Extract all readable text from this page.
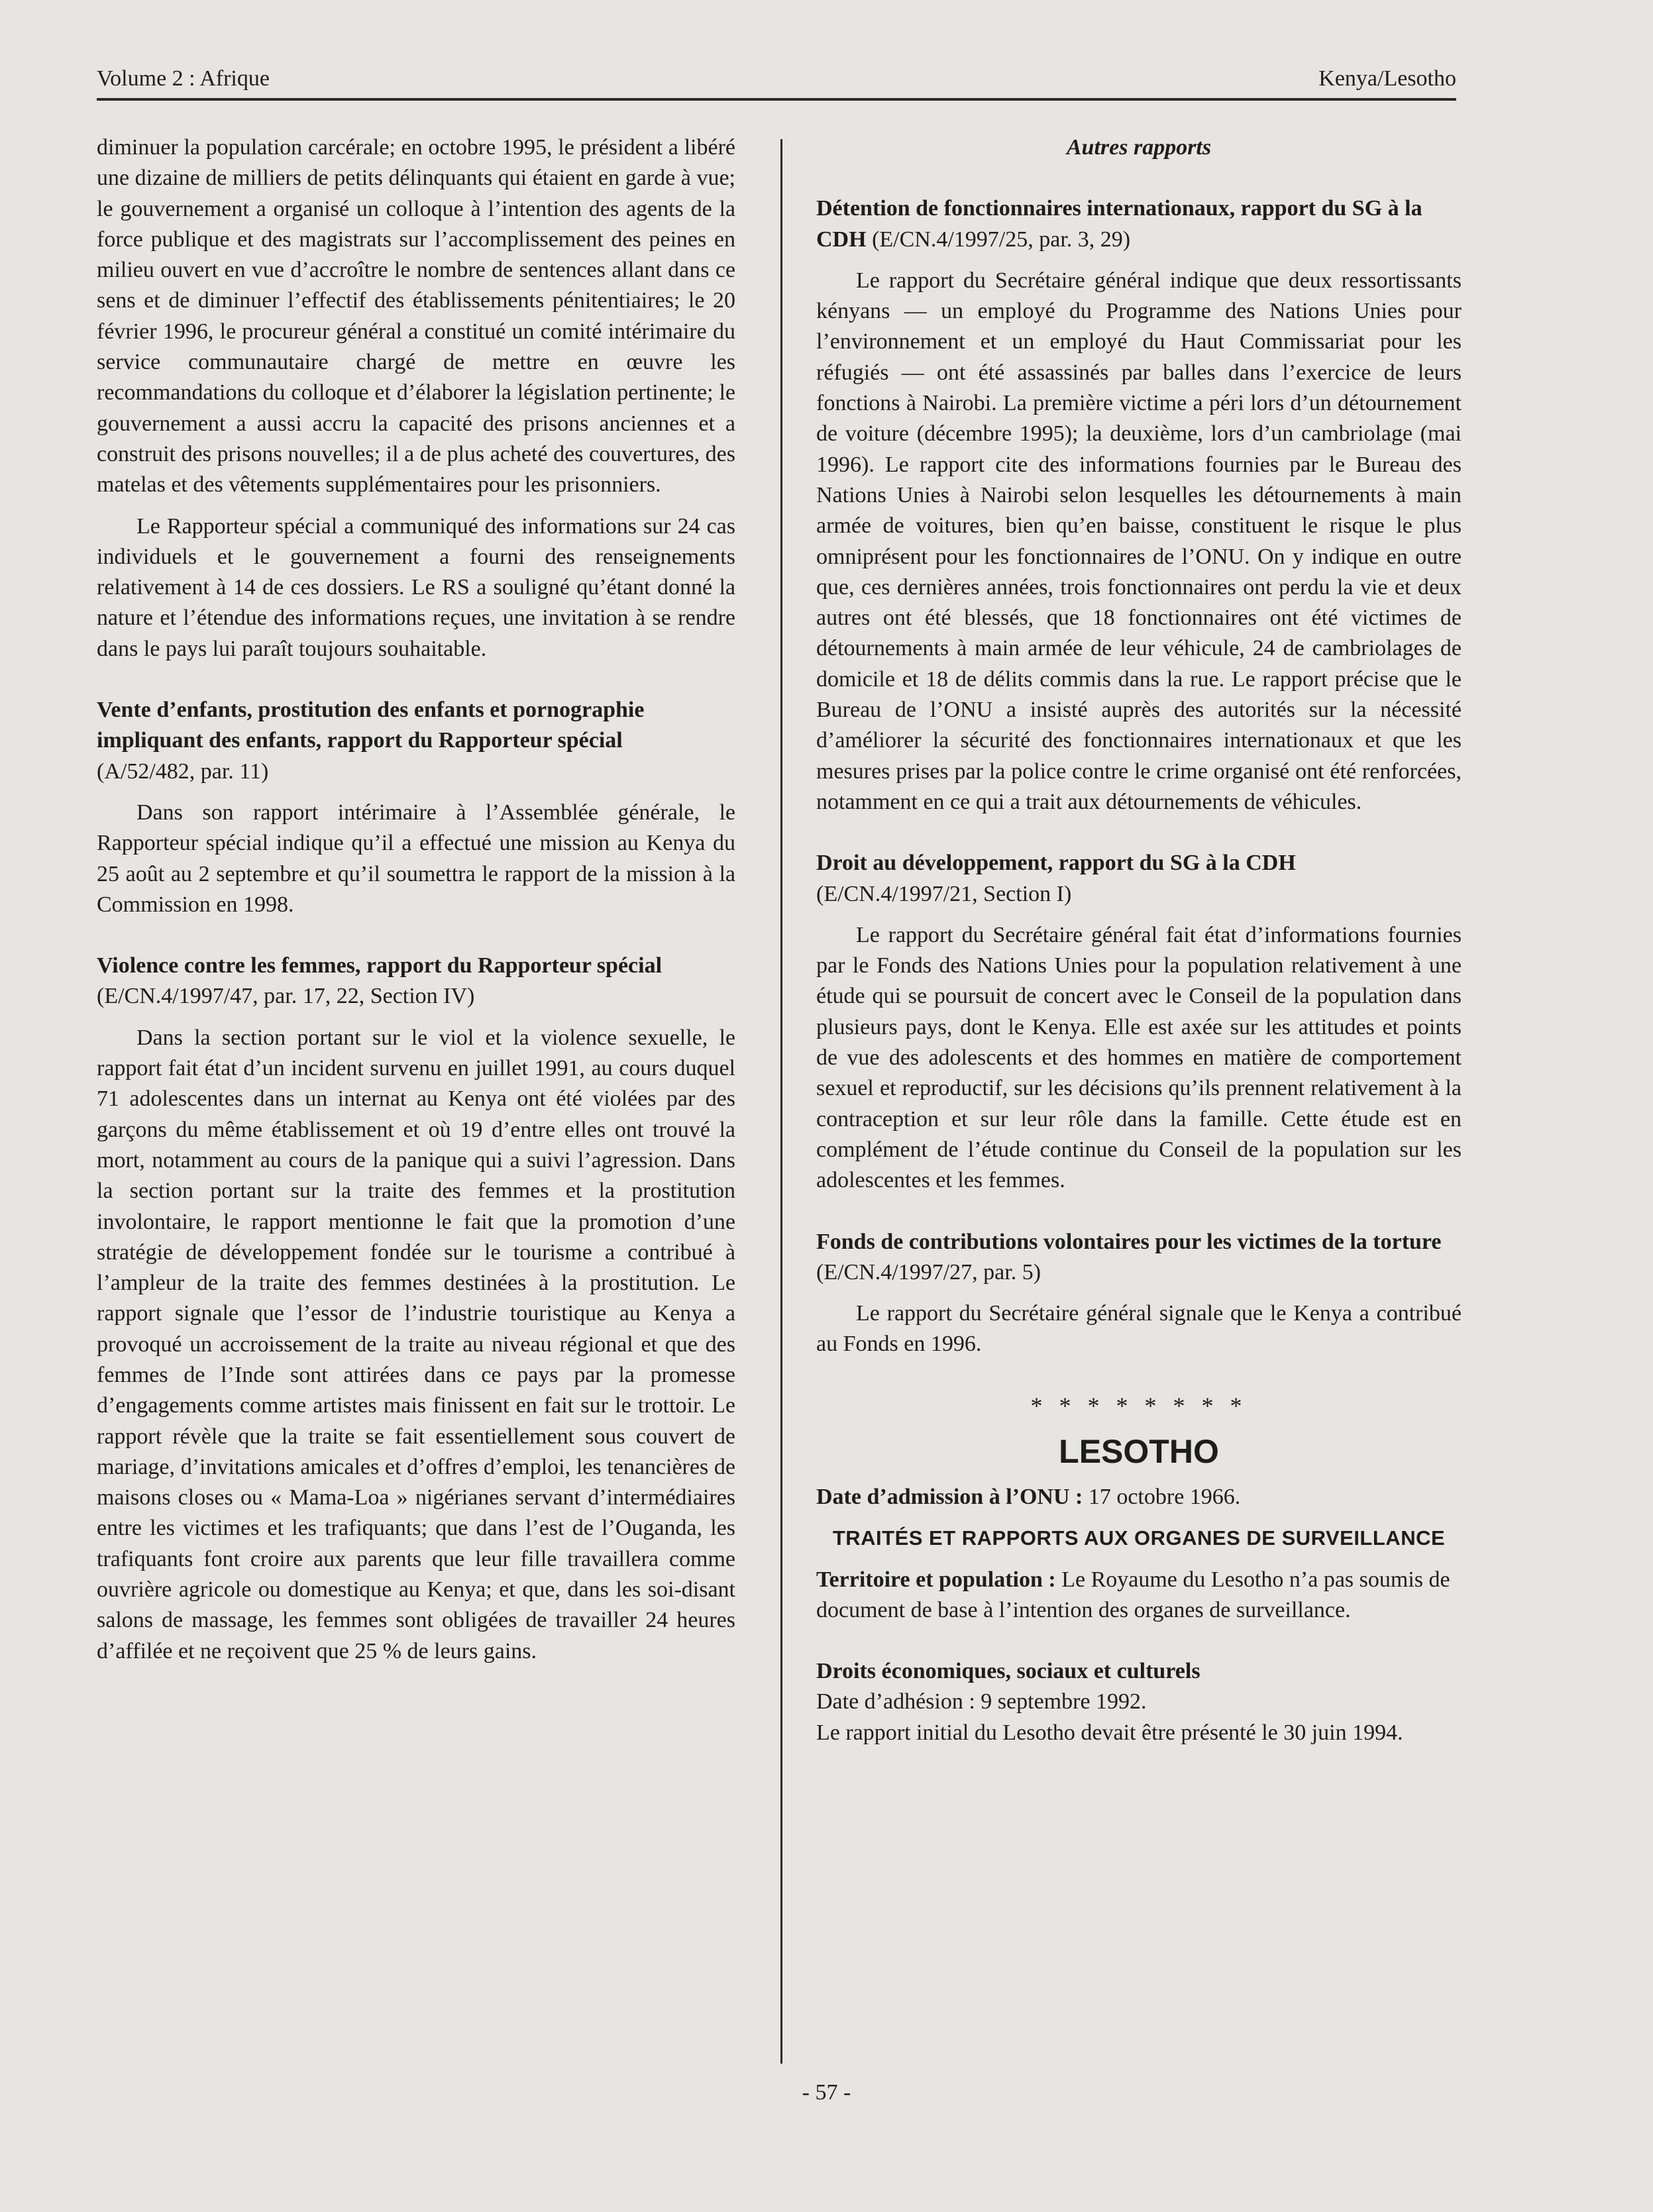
Volume 2 : Afrique	Kenya/Lesotho

diminuer la population carcérale; en octobre 1995, le président a libéré une dizaine de milliers de petits délinquants qui étaient en garde à vue; le gouvernement a organisé un colloque à l’intention des agents de la force publique et des magistrats sur l’accomplissement des peines en milieu ouvert en vue d’accroître le nombre de sentences allant dans ce sens et de diminuer l’effectif des établissements pénitentiaires; le 20 février 1996, le procureur général a constitué un comité intérimaire du service communautaire chargé de mettre en œuvre les recommandations du colloque et d’élaborer la législation pertinente; le gouvernement a aussi accru la capacité des prisons anciennes et a construit des prisons nouvelles; il a de plus acheté des couvertures, des matelas et des vêtements supplémentaires pour les prisonniers.

Le Rapporteur spécial a communiqué des informations sur 24 cas individuels et le gouvernement a fourni des renseignements relativement à 14 de ces dossiers. Le RS a souligné qu’étant donné la nature et l’étendue des informations reçues, une invitation à se rendre dans le pays lui paraît toujours souhaitable.

Vente d’enfants, prostitution des enfants et pornographie impliquant des enfants, rapport du Rapporteur spécial
(A/52/482, par. 11)

Dans son rapport intérimaire à l’Assemblée générale, le Rapporteur spécial indique qu’il a effectué une mission au Kenya du 25 août au 2 septembre et qu’il soumettra le rapport de la mission à la Commission en 1998.

Violence contre les femmes, rapport du Rapporteur spécial (E/CN.4/1997/47, par. 17, 22, Section IV)

Dans la section portant sur le viol et la violence sexuelle, le rapport fait état d’un incident survenu en juillet 1991, au cours duquel 71 adolescentes dans un internat au Kenya ont été violées par des garçons du même établissement et où 19 d’entre elles ont trouvé la mort, notamment au cours de la panique qui a suivi l’agression. Dans la section portant sur la traite des femmes et la prostitution involontaire, le rapport mentionne le fait que la promotion d’une stratégie de développement fondée sur le tourisme a contribué à l’ampleur de la traite des femmes destinées à la prostitution. Le rapport signale que l’essor de l’industrie touristique au Kenya a provoqué un accroissement de la traite au niveau régional et que des femmes de l’Inde sont attirées dans ce pays par la promesse d’engagements comme artistes mais finissent en fait sur le trottoir. Le rapport révèle que la traite se fait essentiellement sous couvert de mariage, d’invitations amicales et d’offres d’emploi, les tenancières de maisons closes ou « Mama-Loa » nigérianes servant d’intermédiaires entre les victimes et les trafiquants; que dans l’est de l’Ouganda, les trafiquants font croire aux parents que leur fille travaillera comme ouvrière agricole ou domestique au Kenya; et que, dans les soi-disant salons de massage, les femmes sont obligées de travailler 24 heures d’affilée et ne reçoivent que 25 % de leurs gains.

Autres rapports

Détention de fonctionnaires internationaux, rapport du SG à la CDH (E/CN.4/1997/25, par. 3, 29)

Le rapport du Secrétaire général indique que deux ressortissants kényans — un employé du Programme des Nations Unies pour l’environnement et un employé du Haut Commissariat pour les réfugiés — ont été assassinés par balles dans l’exercice de leurs fonctions à Nairobi. La première victime a péri lors d’un détournement de voiture (décembre 1995); la deuxième, lors d’un cambriolage (mai 1996). Le rapport cite des informations fournies par le Bureau des Nations Unies à Nairobi selon lesquelles les détournements à main armée de voitures, bien qu’en baisse, constituent le risque le plus omniprésent pour les fonctionnaires de l’ONU. On y indique en outre que, ces dernières années, trois fonctionnaires ont perdu la vie et deux autres ont été blessés, que 18 fonctionnaires ont été victimes de détournements à main armée de leur véhicule, 24 de cambriolages de domicile et 18 de délits commis dans la rue. Le rapport précise que le Bureau de l’ONU a insisté auprès des autorités sur la nécessité d’améliorer la sécurité des fonctionnaires internationaux et que les mesures prises par la police contre le crime organisé ont été renforcées, notamment en ce qui a trait aux détournements de véhicules.

Droit au développement, rapport du SG à la CDH
(E/CN.4/1997/21, Section I)

Le rapport du Secrétaire général fait état d’informations fournies par le Fonds des Nations Unies pour la population relativement à une étude qui se poursuit de concert avec le Conseil de la population dans plusieurs pays, dont le Kenya. Elle est axée sur les attitudes et points de vue des adolescents et des hommes en matière de comportement sexuel et reproductif, sur les décisions qu’ils prennent relativement à la contraception et sur leur rôle dans la famille. Cette étude est en complément de l’étude continue du Conseil de la population sur les adolescentes et les femmes.

Fonds de contributions volontaires pour les victimes de la torture (E/CN.4/1997/27, par. 5)

Le rapport du Secrétaire général signale que le Kenya a contribué au Fonds en 1996.

* * * * * * * *

LESOTHO

Date d’admission à l’ONU : 17 octobre 1966.

TRAITÉS ET RAPPORTS AUX ORGANES DE SURVEILLANCE

Territoire et population : Le Royaume du Lesotho n’a pas soumis de document de base à l’intention des organes de surveillance.

Droits économiques, sociaux et culturels

Date d’adhésion : 9 septembre 1992.

Le rapport initial du Lesotho devait être présenté le 30 juin 1994.

- 57 -
